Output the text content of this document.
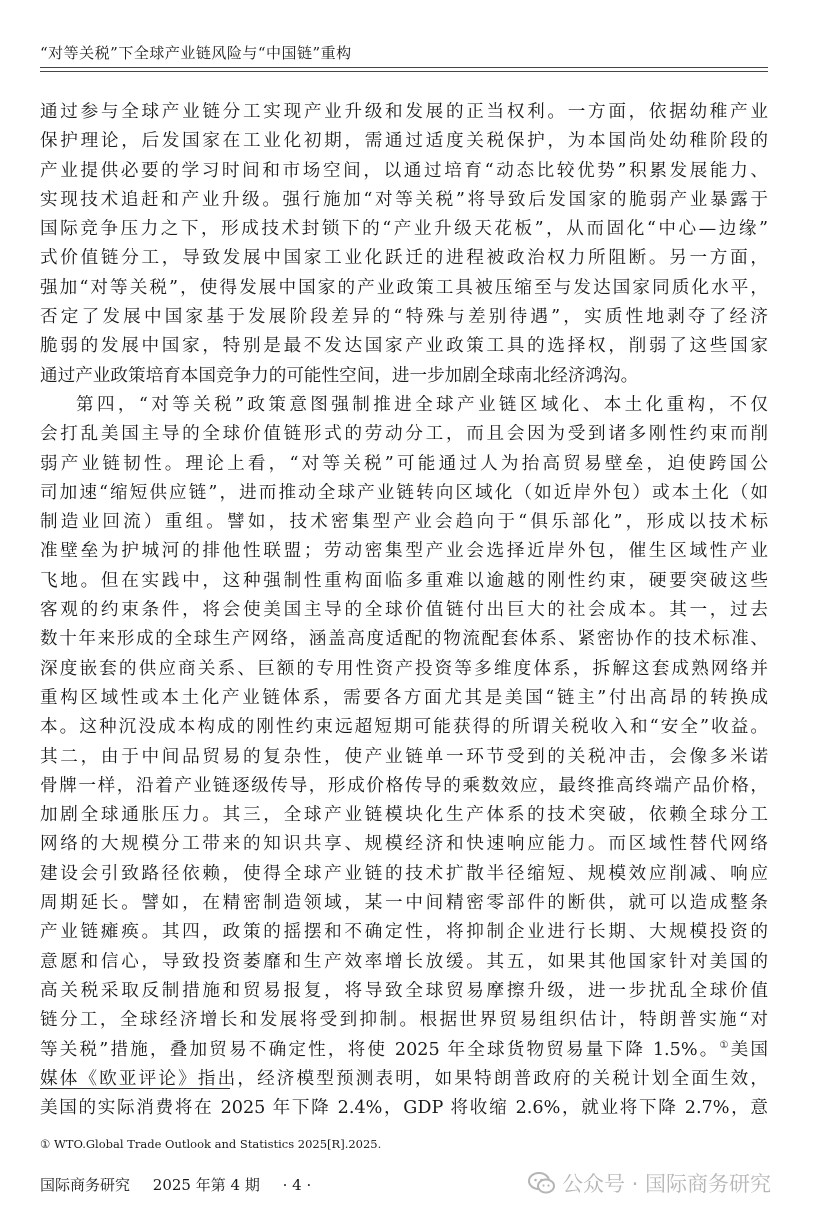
“对等关税”下全球产业链风险与“中国链”重构

通过参与全球产业链分工实现产业升级和发展的正当权利。一方面，依据幼稚产业
保护理论，后发国家在工业化初期，需通过适度关税保护，为本国尚处幼稚阶段的
产业提供必要的学习时间和市场空间，以通过培育“动态比较优势”积累发展能力、
实现技术追赶和产业升级。强行施加“对等关税”将导致后发国家的脆弱产业暴露于
国际竞争压力之下，形成技术封锁下的“产业升级天花板”，从而固化“中心—边缘”
式价值链分工，导致发展中国家工业化跃迁的进程被政治权力所阻断。另一方面，
强加“对等关税”，使得发展中国家的产业政策工具被压缩至与发达国家同质化水平，
否定了发展中国家基于发展阶段差异的“特殊与差别待遇”，实质性地剥夺了经济
脆弱的发展中国家，特别是最不发达国家产业政策工具的选择权，削弱了这些国家
通过产业政策培育本国竞争力的可能性空间，进一步加剧全球南北经济鸿沟。

第四，“对等关税”政策意图强制推进全球产业链区域化、本土化重构，不仅
会打乱美国主导的全球价值链形式的劳动分工，而且会因为受到诸多刚性约束而削
弱产业链韧性。理论上看，“对等关税”可能通过人为抬高贸易壁垒，迫使跨国公
司加速“缩短供应链”，进而推动全球产业链转向区域化（如近岸外包）或本土化（如
制造业回流）重组。譬如，技术密集型产业会趋向于“俱乐部化”，形成以技术标
准壁垒为护城河的排他性联盟；劳动密集型产业会选择近岸外包，催生区域性产业
飞地。但在实践中，这种强制性重构面临多重难以逾越的刚性约束，硬要突破这些
客观的约束条件，将会使美国主导的全球价值链付出巨大的社会成本。其一，过去
数十年来形成的全球生产网络，涵盖高度适配的物流配套体系、紧密协作的技术标准、
深度嵌套的供应商关系、巨额的专用性资产投资等多维度体系，拆解这套成熟网络并
重构区域性或本土化产业链体系，需要各方面尤其是美国“链主”付出高昂的转换成
本。这种沉没成本构成的刚性约束远超短期可能获得的所谓关税收入和“安全”收益。
其二，由于中间品贸易的复杂性，使产业链单一环节受到的关税冲击，会像多米诺
骨牌一样，沿着产业链逐级传导，形成价格传导的乘数效应，最终推高终端产品价格，
加剧全球通胀压力。其三，全球产业链模块化生产体系的技术突破，依赖全球分工
网络的大规模分工带来的知识共享、规模经济和快速响应能力。而区域性替代网络
建设会引致路径依赖，使得全球产业链的技术扩散半径缩短、规模效应削减、响应
周期延长。譬如，在精密制造领域，某一中间精密零部件的断供，就可以造成整条
产业链瘫痪。其四，政策的摇摆和不确定性，将抑制企业进行长期、大规模投资的
意愿和信心，导致投资萎靡和生产效率增长放缓。其五，如果其他国家针对美国的
高关税采取反制措施和贸易报复，将导致全球贸易摩擦升级，进一步扰乱全球价值
链分工，全球经济增长和发展将受到抑制。根据世界贸易组织估计，特朗普实施“对
等关税”措施，叠加贸易不确定性，将使 2025 年全球货物贸易量下降 1.5%。①美国
媒体《欧亚评论》指出，经济模型预测表明，如果特朗普政府的关税计划全面生效，
美国的实际消费将在 2025 年下降 2.4%，GDP 将收缩 2.6%，就业将下降 2.7%，意

① WTO.Global Trade Outlook and Statistics 2025[R].2025.
国际商务研究 2025 年第 4 期 · 4 ·	公众号 · 国际商务研究
